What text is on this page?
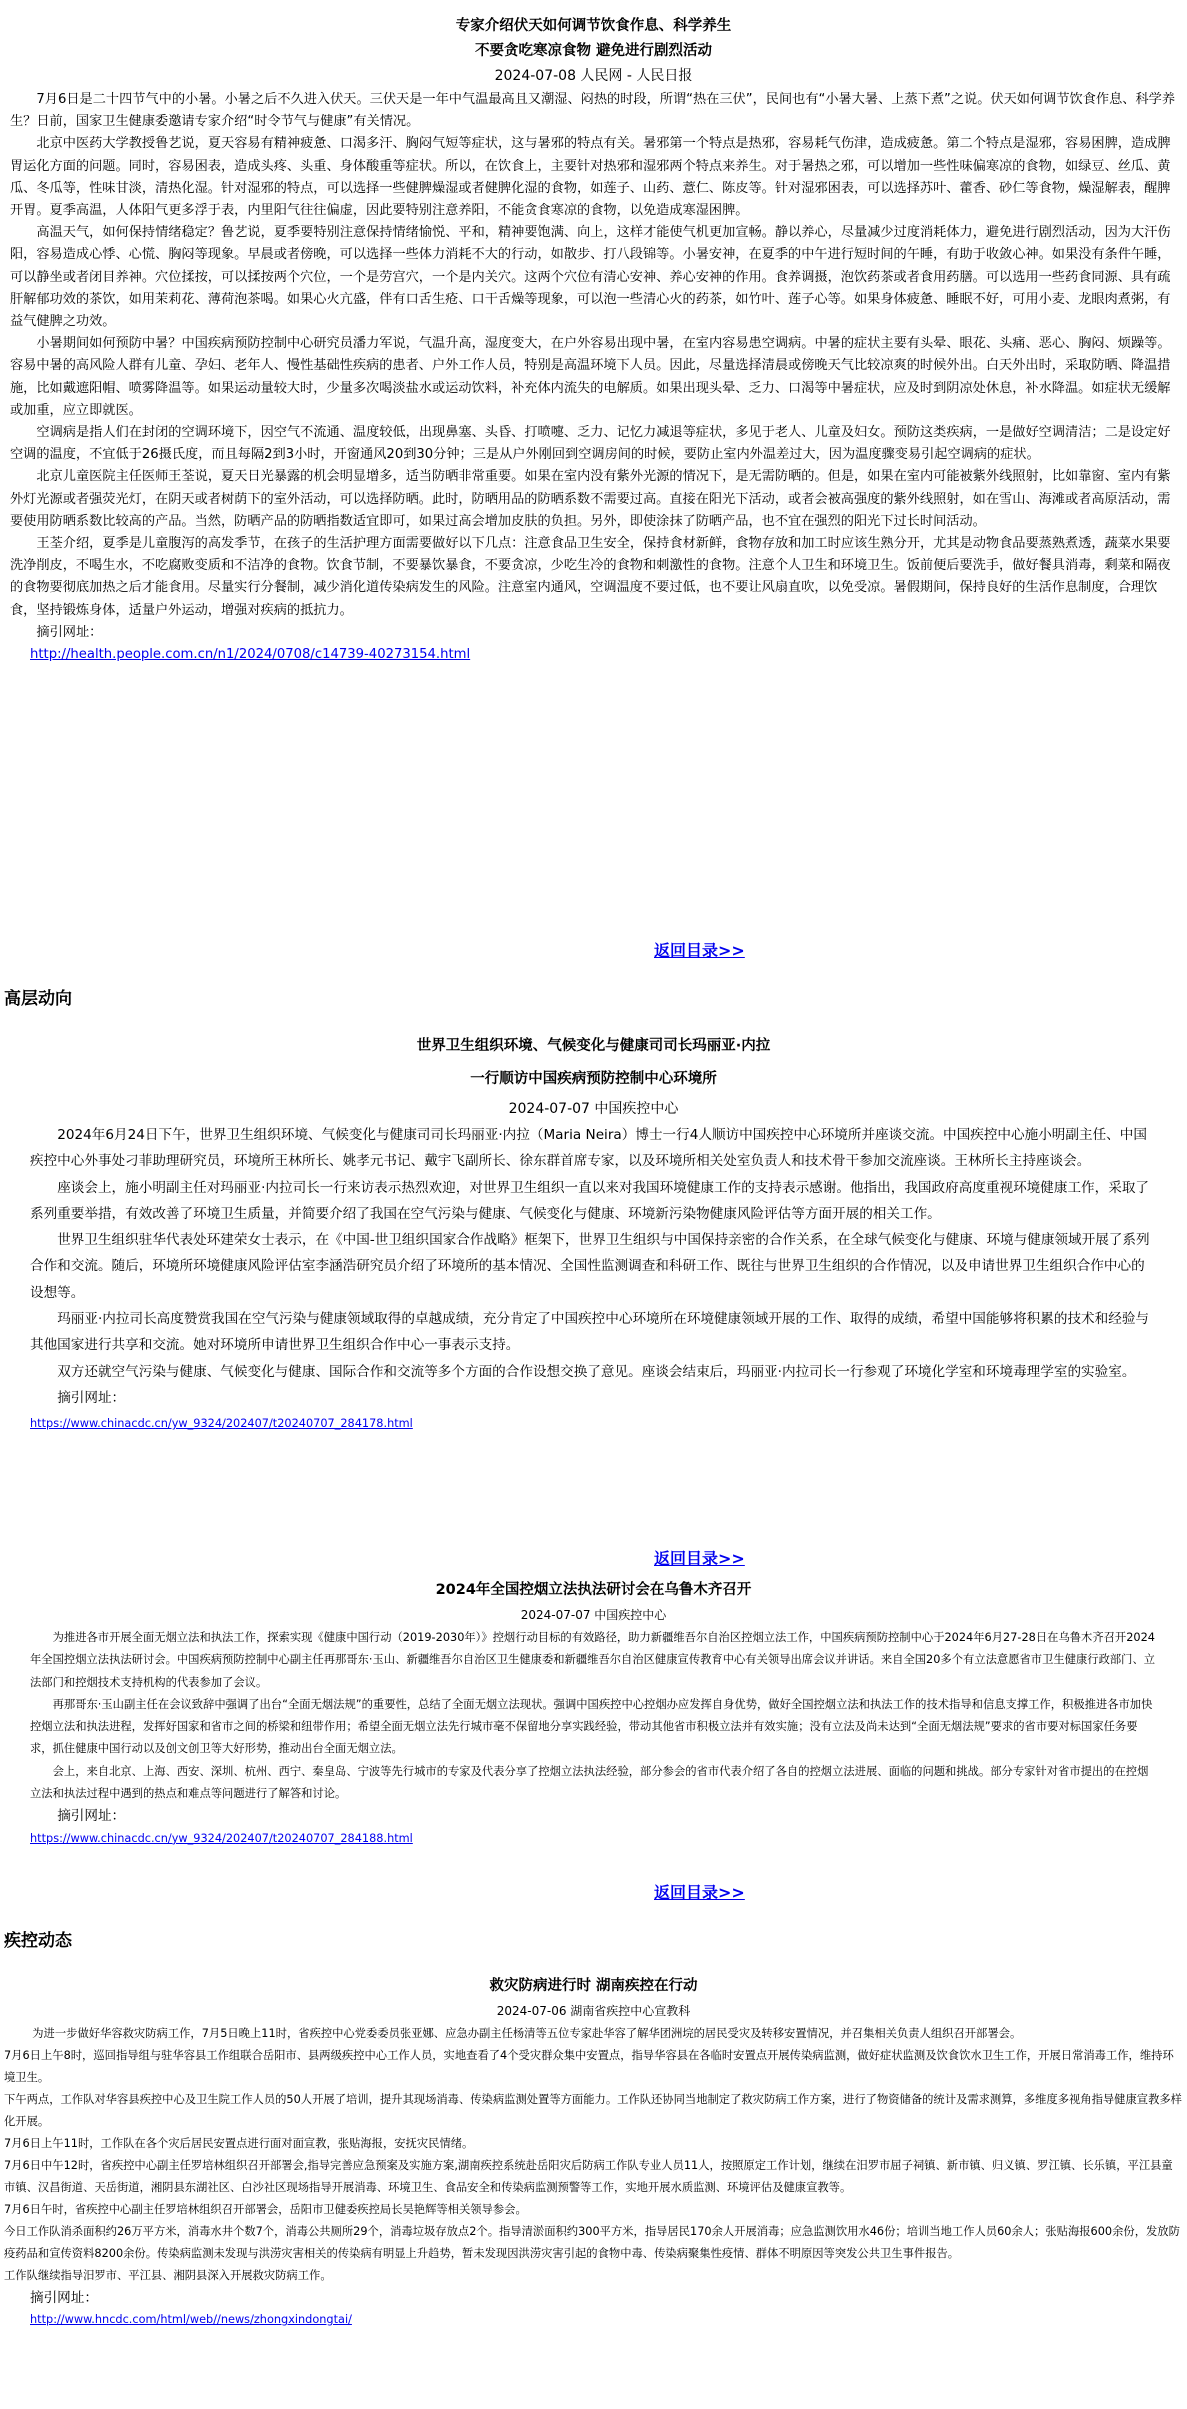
专家介绍伏天如何调节饮食作息、科学养生
不要贪吃寒凉食物 避免进行剧烈活动
2024-07-08 人民网 - 人民日报

7月6日是二十四节气中的小暑。小暑之后不久进入伏天。三伏天是一年中气温最高且又潮湿、闷热的时段，所谓“热在三伏”，民间也有“小暑大暑、上蒸下煮”之说。伏天如何调节饮食作息、科学养生？日前，国家卫生健康委邀请专家介绍“时令节气与健康”有关情况。

北京中医药大学教授鲁艺说，夏天容易有精神疲惫、口渴多汗、胸闷气短等症状，这与暑邪的特点有关。暑邪第一个特点是热邪，容易耗气伤津，造成疲惫。第二个特点是湿邪，容易困脾，造成脾胃运化方面的问题。同时，容易困表，造成头疼、头重、身体酸重等症状。所以，在饮食上，主要针对热邪和湿邪两个特点来养生。对于暑热之邪，可以增加一些性味偏寒凉的食物，如绿豆、丝瓜、黄瓜、冬瓜等，性味甘淡，清热化湿。针对湿邪的特点，可以选择一些健脾燥湿或者健脾化湿的食物，如莲子、山药、薏仁、陈皮等。针对湿邪困表，可以选择苏叶、藿香、砂仁等食物，燥湿解表，醒脾开胃。夏季高温，人体阳气更多浮于表，内里阳气往往偏虚，因此要特别注意养阳，不能贪食寒凉的食物，以免造成寒湿困脾。

高温天气，如何保持情绪稳定？鲁艺说，夏季要特别注意保持情绪愉悦、平和，精神要饱满、向上，这样才能使气机更加宣畅。静以养心，尽量减少过度消耗体力，避免进行剧烈活动，因为大汗伤阳，容易造成心悸、心慌、胸闷等现象。早晨或者傍晚，可以选择一些体力消耗不大的行动，如散步、打八段锦等。小暑安神，在夏季的中午进行短时间的午睡，有助于收敛心神。如果没有条件午睡，可以静坐或者闭目养神。穴位揉按，可以揉按两个穴位，一个是劳宫穴，一个是内关穴。这两个穴位有清心安神、养心安神的作用。食养调摄，泡饮药茶或者食用药膳。可以选用一些药食同源、具有疏肝解郁功效的茶饮，如用茉莉花、薄荷泡茶喝。如果心火亢盛，伴有口舌生疮、口干舌燥等现象，可以泡一些清心火的药茶，如竹叶、莲子心等。如果身体疲惫、睡眠不好，可用小麦、龙眼肉煮粥，有益气健脾之功效。

小暑期间如何预防中暑？中国疾病预防控制中心研究员潘力军说，气温升高，湿度变大，在户外容易出现中暑，在室内容易患空调病。中暑的症状主要有头晕、眼花、头痛、恶心、胸闷、烦躁等。容易中暑的高风险人群有儿童、孕妇、老年人、慢性基础性疾病的患者、户外工作人员，特别是高温环境下人员。因此，尽量选择清晨或傍晚天气比较凉爽的时候外出。白天外出时，采取防晒、降温措施，比如戴遮阳帽、喷雾降温等。如果运动量较大时，少量多次喝淡盐水或运动饮料，补充体内流失的电解质。如果出现头晕、乏力、口渴等中暑症状，应及时到阴凉处休息，补水降温。如症状无缓解或加重，应立即就医。

空调病是指人们在封闭的空调环境下，因空气不流通、温度较低，出现鼻塞、头昏、打喷嚏、乏力、记忆力减退等症状，多见于老人、儿童及妇女。预防这类疾病，一是做好空调清洁；二是设定好空调的温度，不宜低于26摄氏度，而且每隔2到3小时，开窗通风20到30分钟；三是从户外刚回到空调房间的时候，要防止室内外温差过大，因为温度骤变易引起空调病的症状。

北京儿童医院主任医师王荃说，夏天日光暴露的机会明显增多，适当防晒非常重要。如果在室内没有紫外光源的情况下，是无需防晒的。但是，如果在室内可能被紫外线照射，比如靠窗、室内有紫外灯光源或者强荧光灯，在阴天或者树荫下的室外活动，可以选择防晒。此时，防晒用品的防晒系数不需要过高。直接在阳光下活动，或者会被高强度的紫外线照射，如在雪山、海滩或者高原活动，需要使用防晒系数比较高的产品。当然，防晒产品的防晒指数适宜即可，如果过高会增加皮肤的负担。另外，即使涂抹了防晒产品，也不宜在强烈的阳光下过长时间活动。

王荃介绍，夏季是儿童腹泻的高发季节，在孩子的生活护理方面需要做好以下几点：注意食品卫生安全，保持食材新鲜，食物存放和加工时应该生熟分开，尤其是动物食品要蒸熟煮透，蔬菜水果要洗净削皮，不喝生水，不吃腐败变质和不洁净的食物。饮食节制，不要暴饮暴食，不要贪凉，少吃生冷的食物和刺激性的食物。注意个人卫生和环境卫生。饭前便后要洗手，做好餐具消毒，剩菜和隔夜的食物要彻底加热之后才能食用。尽量实行分餐制，减少消化道传染病发生的风险。注意室内通风，空调温度不要过低，也不要让风扇直吹，以免受凉。暑假期间，保持良好的生活作息制度，合理饮食，坚持锻炼身体，适量户外运动，增强对疾病的抵抗力。

摘引网址：

http://health.people.com.cn/n1/2024/0708/c14739-40273154.html

返回目录>>
高层动向
世界卫生组织环境、气候变化与健康司司长玛丽亚·内拉
一行顺访中国疾病预防控制中心环境所
2024-07-07 中国疾控中心

2024年6月24日下午，世界卫生组织环境、气候变化与健康司司长玛丽亚·内拉（Maria Neira）博士一行4人顺访中国疾控中心环境所并座谈交流。中国疾控中心施小明副主任、中国疾控中心外事处刁菲助理研究员，环境所王林所长、姚孝元书记、戴宇飞副所长、徐东群首席专家，以及环境所相关处室负责人和技术骨干参加交流座谈。王林所长主持座谈会。

座谈会上，施小明副主任对玛丽亚·内拉司长一行来访表示热烈欢迎，对世界卫生组织一直以来对我国环境健康工作的支持表示感谢。他指出，我国政府高度重视环境健康工作，采取了系列重要举措，有效改善了环境卫生质量，并简要介绍了我国在空气污染与健康、气候变化与健康、环境新污染物健康风险评估等方面开展的相关工作。

世界卫生组织驻华代表处环建荣女士表示，在《中国-世卫组织国家合作战略》框架下，世界卫生组织与中国保持亲密的合作关系，在全球气候变化与健康、环境与健康领域开展了系列合作和交流。随后，环境所环境健康风险评估室李涵浩研究员介绍了环境所的基本情况、全国性监测调查和科研工作、既往与世界卫生组织的合作情况，以及申请世界卫生组织合作中心的设想等。

玛丽亚·内拉司长高度赞赏我国在空气污染与健康领域取得的卓越成绩，充分肯定了中国疾控中心环境所在环境健康领域开展的工作、取得的成绩，希望中国能够将积累的技术和经验与其他国家进行共享和交流。她对环境所申请世界卫生组织合作中心一事表示支持。

双方还就空气污染与健康、气候变化与健康、国际合作和交流等多个方面的合作设想交换了意见。座谈会结束后，玛丽亚·内拉司长一行参观了环境化学室和环境毒理学室的实验室。

摘引网址：

https://www.chinacdc.cn/yw_9324/202407/t20240707_284178.html

返回目录>>
2024年全国控烟立法执法研讨会在乌鲁木齐召开
2024-07-07 中国疾控中心

为推进各市开展全面无烟立法和执法工作，探索实现《健康中国行动（2019-2030年）》控烟行动目标的有效路径，助力新疆维吾尔自治区控烟立法工作，中国疾病预防控制中心于2024年6月27-28日在乌鲁木齐召开2024年全国控烟立法执法研讨会。中国疾病预防控制中心副主任再那哥东·玉山、新疆维吾尔自治区卫生健康委和新疆维吾尔自治区健康宣传教育中心有关领导出席会议并讲话。来自全国20多个有立法意愿省市卫生健康行政部门、立法部门和控烟技术支持机构的代表参加了会议。

再那哥东·玉山副主任在会议致辞中强调了出台“全面无烟法规”的重要性，总结了全面无烟立法现状。强调中国疾控中心控烟办应发挥自身优势，做好全国控烟立法和执法工作的技术指导和信息支撑工作，积极推进各市加快控烟立法和执法进程，发挥好国家和省市之间的桥梁和纽带作用；希望全面无烟立法先行城市毫不保留地分享实践经验，带动其他省市积极立法并有效实施；没有立法及尚未达到“全面无烟法规”要求的省市要对标国家任务要求，抓住健康中国行动以及创文创卫等大好形势，推动出台全面无烟立法。

会上，来自北京、上海、西安、深圳、杭州、西宁、秦皇岛、宁波等先行城市的专家及代表分享了控烟立法执法经验，部分参会的省市代表介绍了各自的控烟立法进展、面临的问题和挑战。部分专家针对省市提出的在控烟立法和执法过程中遇到的热点和难点等问题进行了解答和讨论。

摘引网址：

https://www.chinacdc.cn/yw_9324/202407/t20240707_284188.html

返回目录>>
疾控动态
救灾防病进行时 湖南疾控在行动
2024-07-06 湖南省疾控中心宣教科

为进一步做好华容救灾防病工作，7月5日晚上11时，省疾控中心党委委员张亚娜、应急办副主任杨清等五位专家赴华容了解华团洲垸的居民受灾及转移安置情况，并召集相关负责人组织召开部署会。

7月6日上午8时，巡回指导组与驻华容县工作组联合岳阳市、县两级疾控中心工作人员，实地查看了4个受灾群众集中安置点，指导华容县在各临时安置点开展传染病监测，做好症状监测及饮食饮水卫生工作，开展日常消毒工作，维持环境卫生。

下午两点，工作队对华容县疾控中心及卫生院工作人员的50人开展了培训，提升其现场消毒、传染病监测处置等方面能力。工作队还协同当地制定了救灾防病工作方案，进行了物资储备的统计及需求测算，多维度多视角指导健康宣教多样化开展。

7月6日上午11时，工作队在各个灾后居民安置点进行面对面宣教，张贴海报，安抚灾民情绪。

7月6日中午12时，省疾控中心副主任罗培林组织召开部署会,指导完善应急预案及实施方案,湖南疾控系统赴岳阳灾后防病工作队专业人员11人，按照原定工作计划，继续在汨罗市屈子祠镇、新市镇、归义镇、罗江镇、长乐镇，平江县童市镇、汉昌街道、天岳街道，湘阴县东湖社区、白沙社区现场指导开展消毒、环境卫生、食品安全和传染病监测预警等工作，实地开展水质监测、环境评估及健康宣教等。

7月6日午时，省疾控中心副主任罗培林组织召开部署会，岳阳市卫健委疾控局长吴艳辉等相关领导参会。

今日工作队消杀面积约26万平方米，消毒水井个数7个，消毒公共厕所29个，消毒垃圾存放点2个。指导清淤面积约300平方米，指导居民170余人开展消毒；应急监测饮用水46份；培训当地工作人员60余人；张贴海报600余份，发放防疫药品和宣传资料8200余份。传染病监测未发现与洪涝灾害相关的传染病有明显上升趋势，暂未发现因洪涝灾害引起的食物中毒、传染病聚集性疫情、群体不明原因等突发公共卫生事件报告。

工作队继续指导汨罗市、平江县、湘阴县深入开展救灾防病工作。

摘引网址：

http://www.hncdc.com/html/web//news/zhongxindongtai/
